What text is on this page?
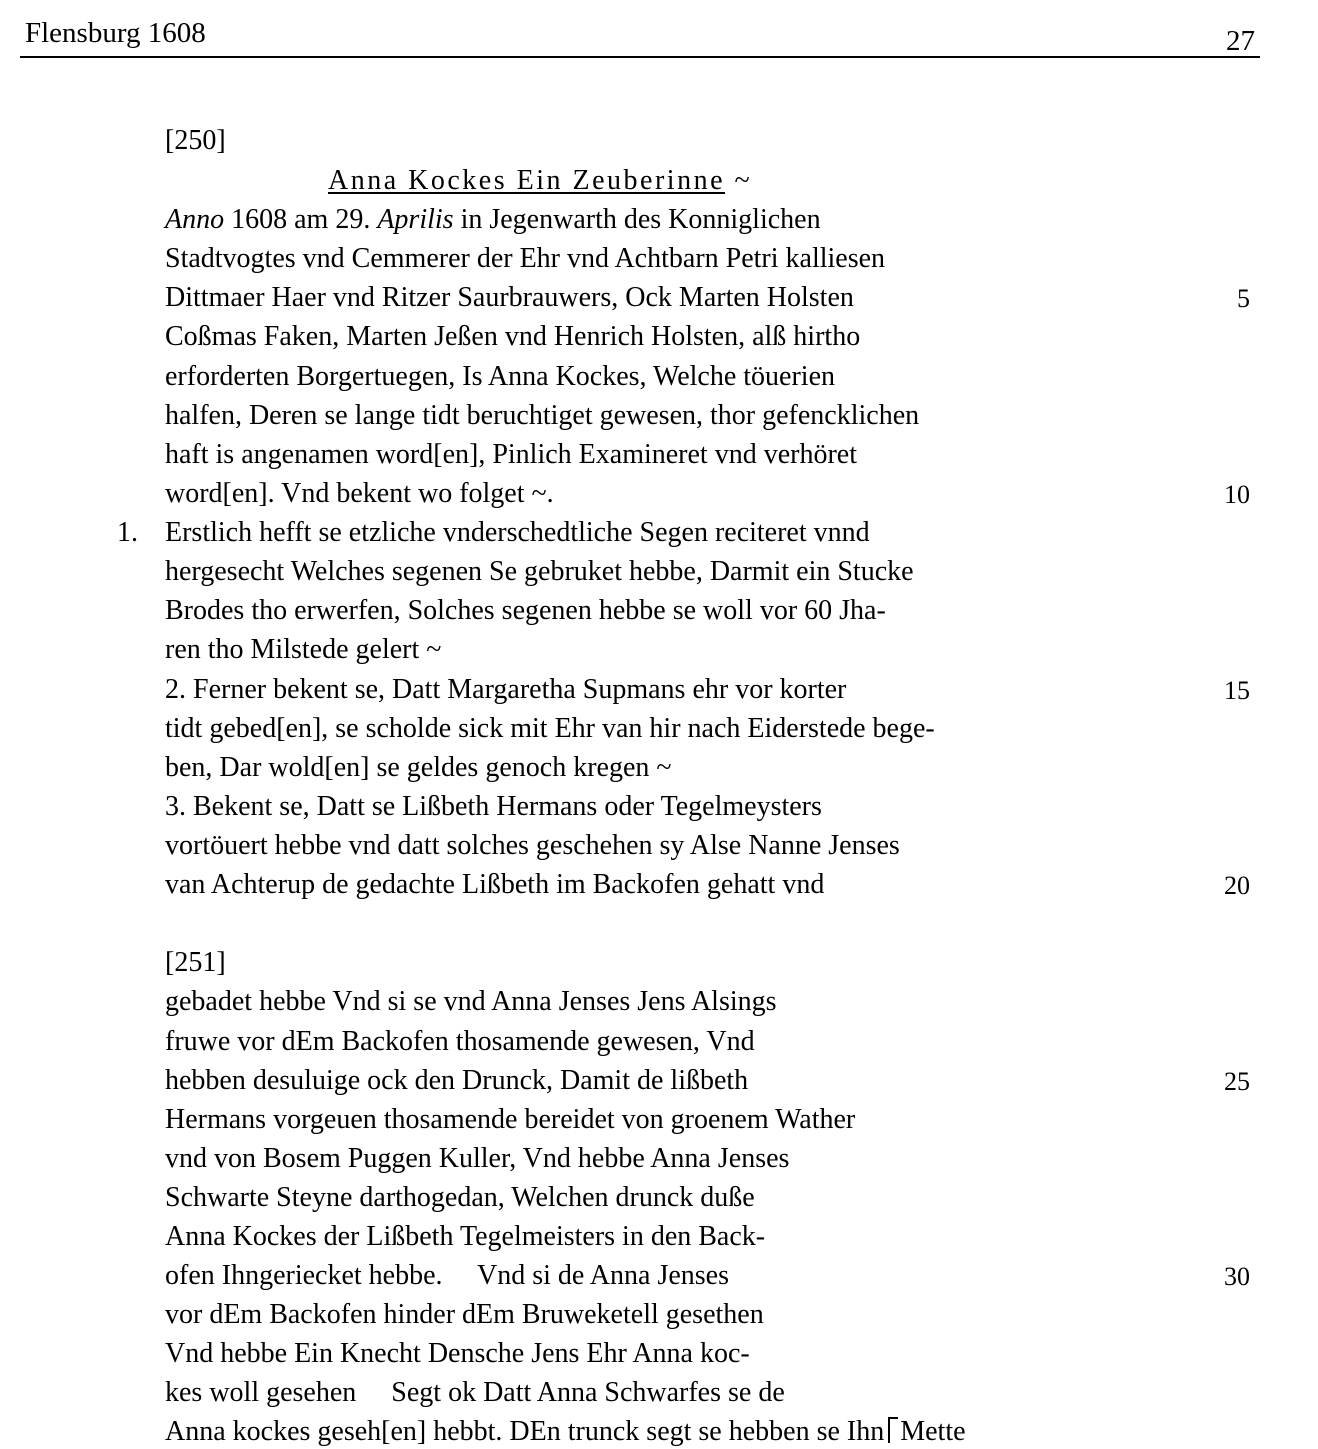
Flensburg 1608	27
[250]
Anna Kockes Ein Zeuberinne ~
Anno 1608 am 29. Aprilis in Jegenwarth des Konniglichen
Stadtvogtes vnd Cemmerer der Ehr vnd Achtbarn Petri kalliesen
Dittmaer Haer vnd Ritzer Saurbrauwers, Ock Marten Holsten
Coßmas Faken, Marten Jeßen vnd Henrich Holsten, alß hirtho
erforderten Borgertuegen, Is Anna Kockes, Welche töuerien
halfen, Deren se lange tidt beruchtiget gewesen, thor gefencklichen
haft is angenamen word[en], Pinlich Examineret vnd verhöret
word[en]. Vnd bekent wo folget ~.
1. Erstlich hefft se etzliche vnderschedtliche Segen reciteret vnnd
hergesecht Welches segenen Se gebruket hebbe, Darmit ein Stucke
Brodes tho erwerfen, Solches segenen hebbe se woll vor 60 Jha-
ren tho Milstede gelert ~
2. Ferner bekent se, Datt Margaretha Supmans ehr vor korter
tidt gebed[en], se scholde sick mit Ehr van hir nach Eiderstede bege-
ben, Dar wold[en] se geldes genoch kregen ~
3. Bekent se, Datt se Lißbeth Hermans oder Tegelmeysters
vortöuert hebbe vnd datt solches geschehen sy Alse Nanne Jenses
van Achterup de gedachte Lißbeth im Backofen gehatt vnd
[251]
gebadet hebbe Vnd si se vnd Anna Jenses Jens Alsings
fruwe vor dEm Backofen thosamende gewesen, Vnd
hebben desuluige ock den Drunck, Damit de lißbeth
Hermans vorgeuen thosamende bereidet von groenem Wather
vnd von Bosem Puggen Kuller, Vnd hebbe Anna Jenses
Schwarte Steyne darthogedan, Welchen drunck duße
Anna Kockes der Lißbeth Tegelmeisters in den Back-
ofen Ihngeriecket hebbe.     Vnd si de Anna Jenses
vor dEm Backofen hinder dEm Bruweketell gesethen
Vnd hebbe Ein Knecht Densche Jens Ehr Anna koc-
kes woll gesehen     Segt ok Datt Anna Schwarfes se de
Anna kockes geseh[en] hebbt. DEn trunck segt se hebben se Ihn Mette
5
10
15
20
25
30
